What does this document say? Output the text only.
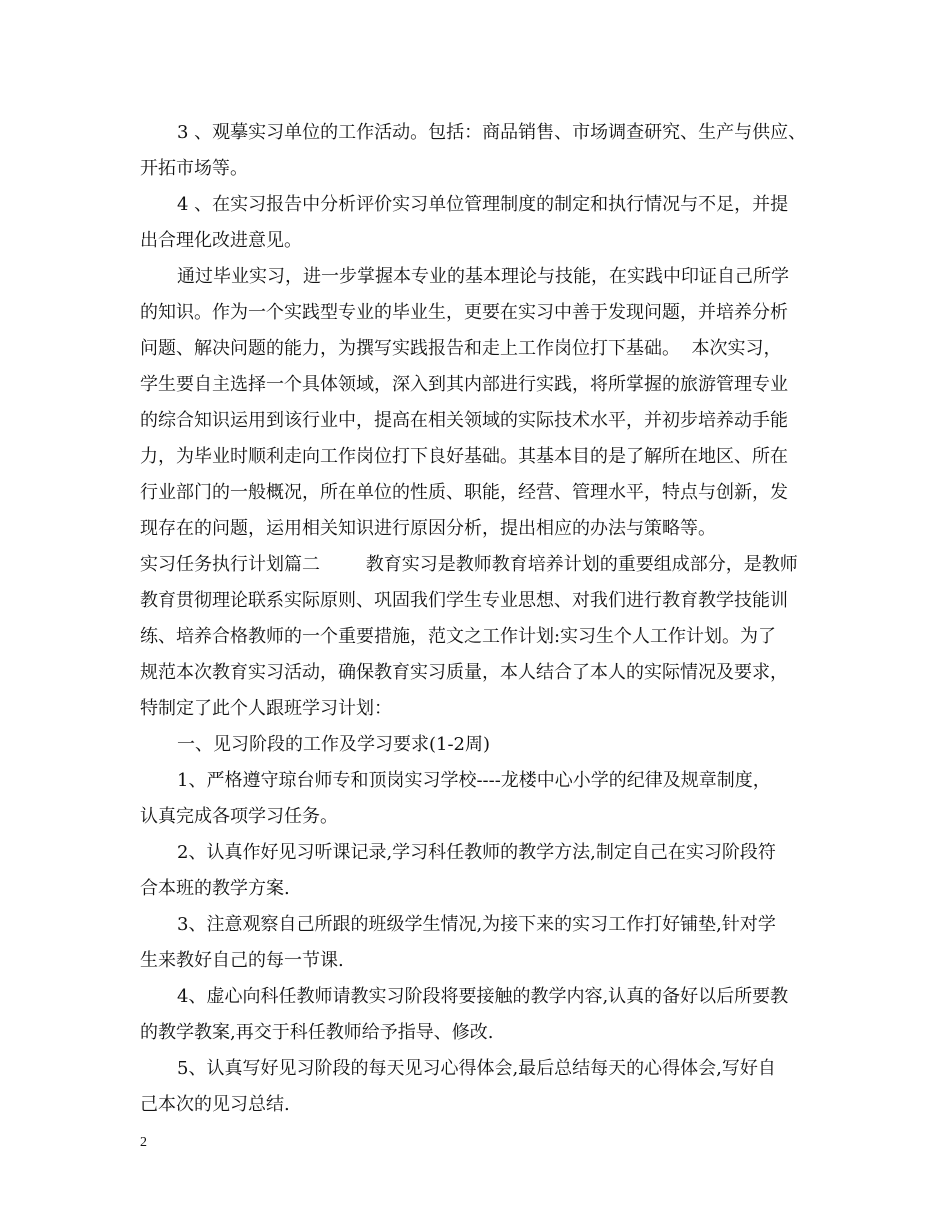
3 、观摹实习单位的工作活动。包括：商品销售、市场调查研究、生产与供应、
开拓市场等。
4 、在实习报告中分析评价实习单位管理制度的制定和执行情况与不足，并提
出合理化改进意见。
通过毕业实习，进一步掌握本专业的基本理论与技能，在实践中印证自己所学
的知识。作为一个实践型专业的毕业生，更要在实习中善于发现问题，并培养分析
问题、解决问题的能力，为撰写实践报告和走上工作岗位打下基础。  本次实习，
学生要自主选择一个具体领域，深入到其内部进行实践，将所掌握的旅游管理专业
的综合知识运用到该行业中，提高在相关领域的实际技术水平，并初步培养动手能
力，为毕业时顺利走向工作岗位打下良好基础。其基本目的是了解所在地区、所在
行业部门的一般概况，所在单位的性质、职能，经营、管理水平，特点与创新，发
现存在的问题，运用相关知识进行原因分析，提出相应的办法与策略等。
实习任务执行计划篇二        教育实习是教师教育培养计划的重要组成部分，是教师
教育贯彻理论联系实际原则、巩固我们学生专业思想、对我们进行教育教学技能训
练、培养合格教师的一个重要措施，范文之工作计划:实习生个人工作计划。为了
规范本次教育实习活动，确保教育实习质量，本人结合了本人的实际情况及要求，
特制定了此个人跟班学习计划：
一、见习阶段的工作及学习要求(1-2周)
1、严格遵守琼台师专和顶岗实习学校----龙楼中心小学的纪律及规章制度，
认真完成各项学习任务。
2、认真作好见习听课记录,学习科任教师的教学方法,制定自己在实习阶段符
合本班的教学方案.
3、注意观察自己所跟的班级学生情况,为接下来的实习工作打好铺垫,针对学
生来教好自己的每一节课.
4、虚心向科任教师请教实习阶段将要接触的教学内容,认真的备好以后所要教
的教学教案,再交于科任教师给予指导、修改.
5、认真写好见习阶段的每天见习心得体会,最后总结每天的心得体会,写好自
己本次的见习总结.
2
